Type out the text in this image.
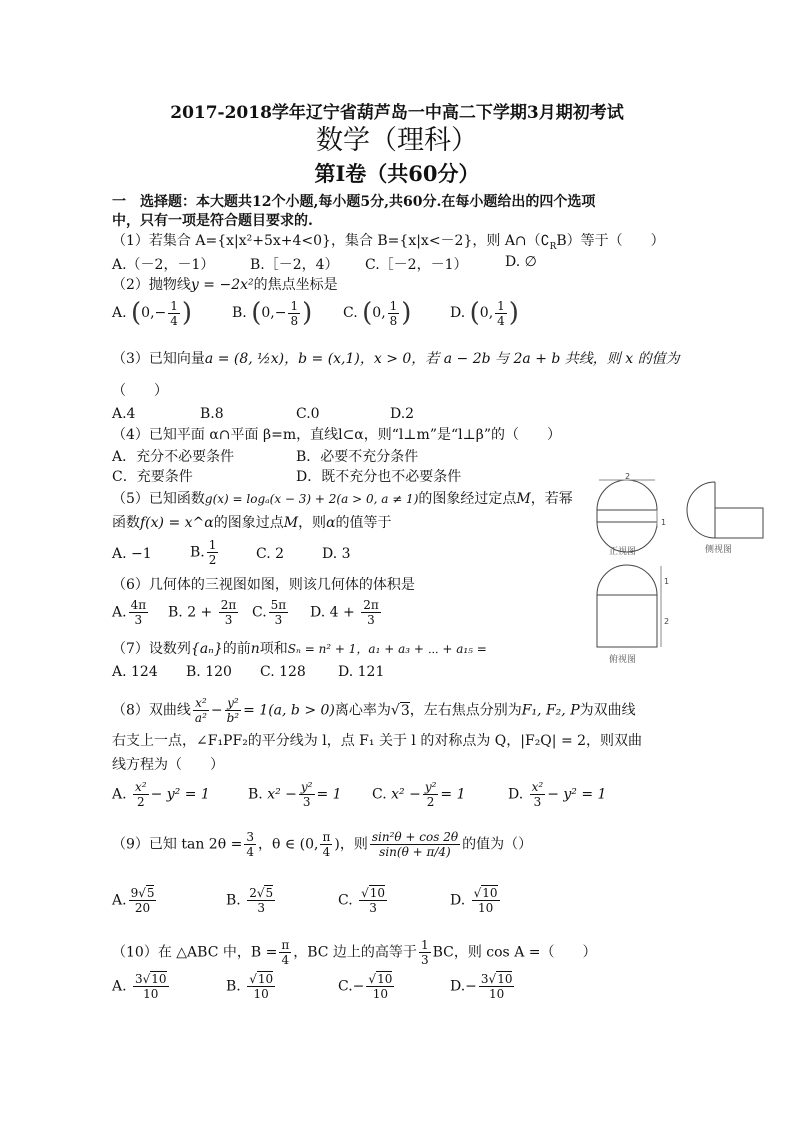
2017-2018学年辽宁省葫芦岛一中高二下学期3月期初考试
数学（理科）
第Ⅰ卷（共60分）
一　选择题：本大题共12个小题,每小题5分,共60分.在每小题给出的四个选项
中，只有一项是符合题目要求的.
（1）若集合 A={x|x²+5x+4<0}，集合 B={x|x<－2}，则 $A\cap(∁_RB)$等于（　　）
A.（－2，－1）	B.［－2，4） C.［－2，－1）	D. ∅
（2）抛物线y = −2x²的焦点坐标是
A. ($0,- \frac{1}{4}$ )	B. ($0,- \frac{1}{8}$ ) C. (0, $\frac{1}{8}$ )	D. (0, $\frac{1}{4}$ )
（3）已知向量a = (8, ½x)，b = (x,1)，x > 0，若 a − 2b 与 2a + b 共线，则 x 的值为
（　　）
A.4	B.8	C.0	D.2
（4）已知平面 α∩平面 β=m，直线l⊂α，则“l⊥m”是“l⊥β”的（　　）
A．充分不必要条件	B．必要不充分条件
C．充要条件	D．既不充分也不必要条件
（5）已知函数g(x) = logₐ(x − 3) + 2(a > 0, a ≠ 1)的图象经过定点M，若幂
函数f(x) = x^α的图象过点M，则α的值等于
A. −1	B. $\frac{1}{2}$	C. 2	D. 3
（6）几何体的三视图如图，则该几何体的体积是
A. $\frac{4\pi}{3} B$. $2 + \frac{2\pi}{3} C$. $\frac{5\pi}{3} D$. $4 + \frac{2\pi}{3}$
2
1
正视图	侧视图
1
2
俯视图
（7）设数列{aₙ}的前n项和Sₙ = n² + 1，a₁ + a₃ + ⋯ + a₁₅ =
A. 124 B. 120 C. 128 D. 121
（8）双曲线 $\frac{\text{x²}}{\text{a²}} - \frac{\text{y²}}{\text{b²}} = 1(a$, b > 0)离心率为√3，左右焦点分别为F₁, F₂, P为双曲线
右支上一点，∠F₁PF₂的平分线为 l，点 F₁ 关于 l 的对称点为 Q，|F₂Q| = 2，则双曲
线方程为（　　）
A. $\frac{\text{x²}}{2} - y^2 = 1$	B. $x^2 - \frac{\text{y²}}{3} = 1$ C. $x^2 - \frac{\text{y²}}{2} = 1$	D. $\frac{\text{x²}}{3} - y^2 = 1$
（9）已知 $\tan 2\theta = \frac{3}{4}$ ，θ ∈ (0, $\frac{\pi}{4}$ )，则 $\frac{\text{sin²θ + cos 2θ}}{\sin(\theta + \pi/4)}$ 的值为（）
A. $\frac{9√5}{20}$	B. $\frac{2√5}{3}$	C. $\frac{√10}{3}$	D. $\frac{√10}{10}$
（10）在 △ABC 中，$B = \frac{\pi}{4}$ ，BC 边上的高等于 $\frac{1}{3}$ BC，则 cos A =（　　）
A. $\frac{3√10}{10}$	B. $\frac{√10}{10}$	$C.- \frac{√10}{10}$	$D.- \frac{3√10}{10}$
